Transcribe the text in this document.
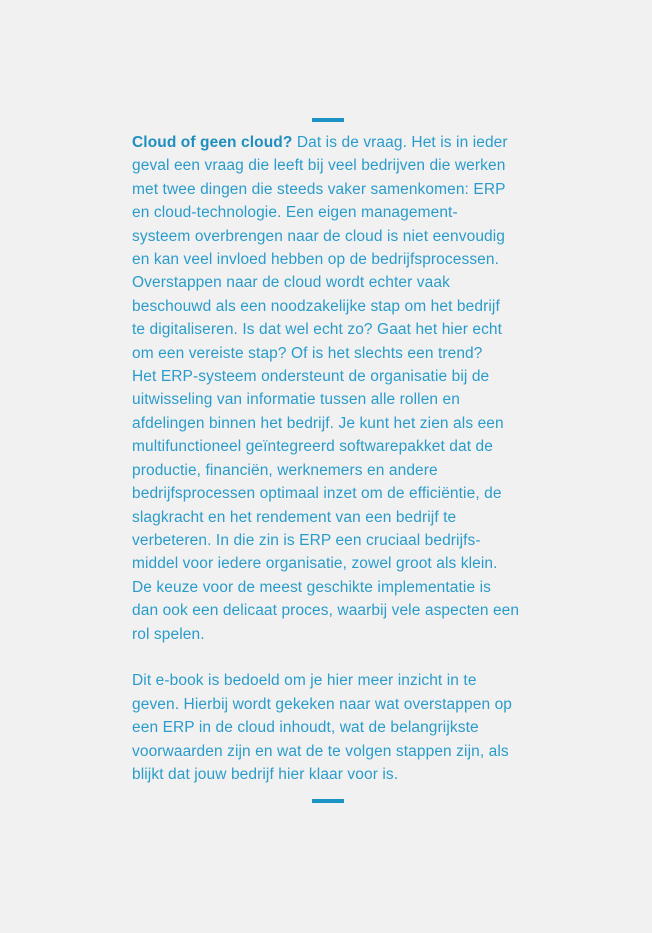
Cloud of geen cloud? Dat is de vraag. Het is in ieder
geval een vraag die leeft bij veel bedrijven die werken
met twee dingen die steeds vaker samenkomen: ERP
en cloud-technologie. Een eigen management-
systeem overbrengen naar de cloud is niet eenvoudig
en kan veel invloed hebben op de bedrijfsprocessen.
Overstappen naar de cloud wordt echter vaak
beschouwd als een noodzakelijke stap om het bedrijf
te digitaliseren. Is dat wel echt zo? Gaat het hier echt
om een vereiste stap? Of is het slechts een trend?
Het ERP-systeem ondersteunt de organisatie bij de
uitwisseling van informatie tussen alle rollen en
afdelingen binnen het bedrijf. Je kunt het zien als een
multifunctioneel geïntegreerd softwarepakket dat de
productie, financiën, werknemers en andere
bedrijfsprocessen optimaal inzet om de efficiëntie, de
slagkracht en het rendement van een bedrijf te
verbeteren. In die zin is ERP een cruciaal bedrijfs-
middel voor iedere organisatie, zowel groot als klein.
De keuze voor de meest geschikte implementatie is
dan ook een delicaat proces, waarbij vele aspecten een
rol spelen.

Dit e-book is bedoeld om je hier meer inzicht in te
geven. Hierbij wordt gekeken naar wat overstappen op
een ERP in de cloud inhoudt, wat de belangrijkste
voorwaarden zijn en wat de te volgen stappen zijn, als
blijkt dat jouw bedrijf hier klaar voor is.
